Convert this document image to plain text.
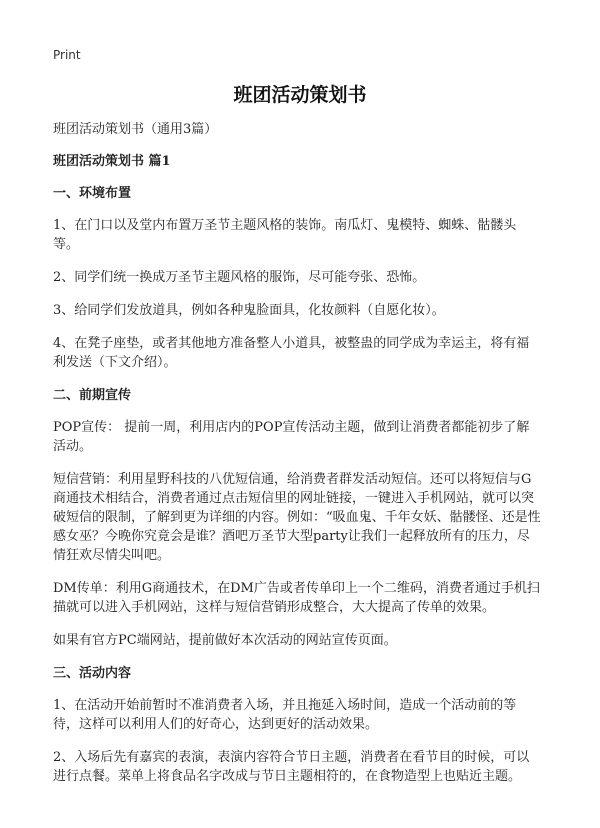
Print
班团活动策划书

班团活动策划书（通用3篇）

班团活动策划书 篇1

一、环境布置

1、在门口以及堂内布置万圣节主题风格的装饰。南瓜灯、鬼模特、蜘蛛、骷髅头等。

2、同学们统一换成万圣节主题风格的服饰，尽可能夸张、恐怖。

3、给同学们发放道具，例如各种鬼脸面具，化妆颜料（自愿化妆）。

4、在凳子座垫，或者其他地方准备整人小道具，被整蛊的同学成为幸运主，将有福利发送（下文介绍）。

二、前期宣传

POP宣传： 提前一周，利用店内的POP宣传活动主题，做到让消费者都能初步了解活动。

短信营销：利用星野科技的八优短信通，给消费者群发活动短信。还可以将短信与G商通技术相结合，消费者通过点击短信里的网址链接，一键进入手机网站，就可以突破短信的限制，了解到更为详细的内容。例如：“吸血鬼、千年女妖、骷髅怪、还是性感女巫？今晚你究竟会是谁？酒吧万圣节大型party让我们一起释放所有的压力，尽情狂欢尽情尖叫吧。

DM传单：利用G商通技术，在DM广告或者传单印上一个二维码，消费者通过手机扫描就可以进入手机网站，这样与短信营销形成整合，大大提高了传单的效果。

如果有官方PC端网站，提前做好本次活动的网站宣传页面。

三、活动内容

1、在活动开始前暂时不准消费者入场，并且拖延入场时间，造成一个活动前的等待，这样可以利用人们的好奇心，达到更好的活动效果。

2、入场后先有嘉宾的表演，表演内容符合节日主题，消费者在看节目的时候，可以进行点餐。菜单上将食品名字改成与节日主题相符的，在食物造型上也贴近主题。
